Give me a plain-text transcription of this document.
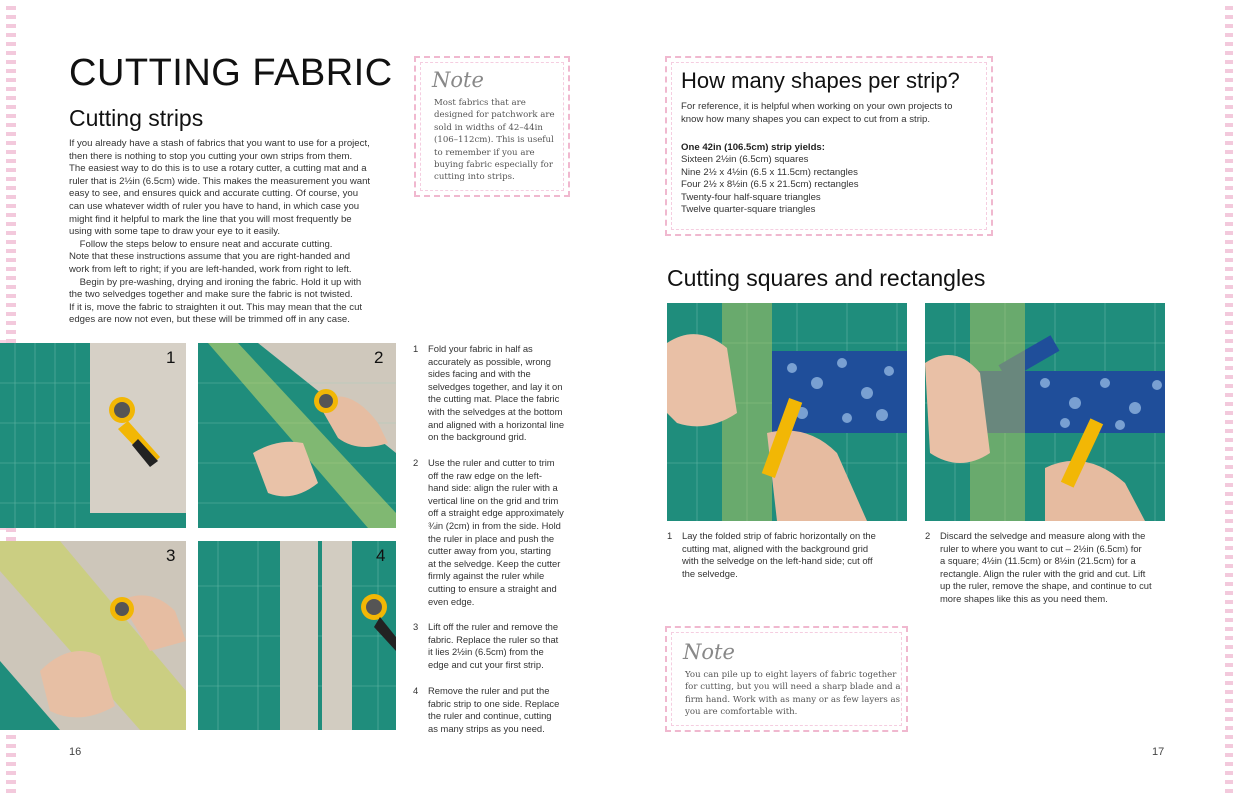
CUTTING FABRIC
Cutting strips
If you already have a stash of fabrics that you want to use for a project,
then there is nothing to stop you cutting your own strips from them.
The easiest way to do this is to use a rotary cutter, a cutting mat and a
ruler that is 2½in (6.5cm) wide. This makes the measurement you want
easy to see, and ensures quick and accurate cutting. Of course, you
can use whatever width of ruler you have to hand, in which case you
might find it helpful to mark the line that you will most frequently be
using with some tape to draw your eye to it easily.
Follow the steps below to ensure neat and accurate cutting.
Note that these instructions assume that you are right-handed and
work from left to right; if you are left-handed, work from right to left.
Begin by pre-washing, drying and ironing the fabric. Hold it up with
the two selvedges together and make sure the fabric is not twisted.
If it is, move the fabric to straighten it out. This may mean that the cut
edges are now not even, but these will be trimmed off in any case.
Note
Most fabrics that are
designed for patchwork are
sold in widths of 42–44in
(106–112cm). This is useful
to remember if you are
buying fabric especially for
cutting into strips.
1	2
3	4
1 Fold your fabric in half as
accurately as possible, wrong
sides facing and with the
selvedges together, and lay it on
the cutting mat. Place the fabric
with the selvedges at the bottom
and aligned with a horizontal line
on the background grid.
2 Use the ruler and cutter to trim
off the raw edge on the left-
hand side: align the ruler with a
vertical line on the grid and trim
off a straight edge approximately
¾in (2cm) in from the side. Hold
the ruler in place and push the
cutter away from you, starting
at the selvedge. Keep the cutter
firmly against the ruler while
cutting to ensure a straight and
even edge.
3 Lift off the ruler and remove the
fabric. Replace the ruler so that
it lies 2½in (6.5cm) from the
edge and cut your first strip.
4 Remove the ruler and put the
fabric strip to one side. Replace
the ruler and continue, cutting
as many strips as you need.
16
How many shapes per strip?
For reference, it is helpful when working on your own projects to
know how many shapes you can expect to cut from a strip.
One 42in (106.5cm) strip yields:
Sixteen 2½in (6.5cm) squares
Nine 2½ x 4½in (6.5 x 11.5cm) rectangles
Four 2½ x 8½in (6.5 x 21.5cm) rectangles
Twenty-four half-square triangles
Twelve quarter-square triangles
Cutting squares and rectangles
1 Lay the folded strip of fabric horizontally on the
cutting mat, aligned with the background grid
with the selvedge on the left-hand side; cut off
the selvedge.
2 Discard the selvedge and measure along with the
ruler to where you want to cut – 2½in (6.5cm) for
a square; 4½in (11.5cm) or 8½in (21.5cm) for a
rectangle. Align the ruler with the grid and cut. Lift
up the ruler, remove the shape, and continue to cut
more shapes like this as you need them.
Note
You can pile up to eight layers of fabric together
for cutting, but you will need a sharp blade and a
firm hand. Work with as many or as few layers as
you are comfortable with.
17
